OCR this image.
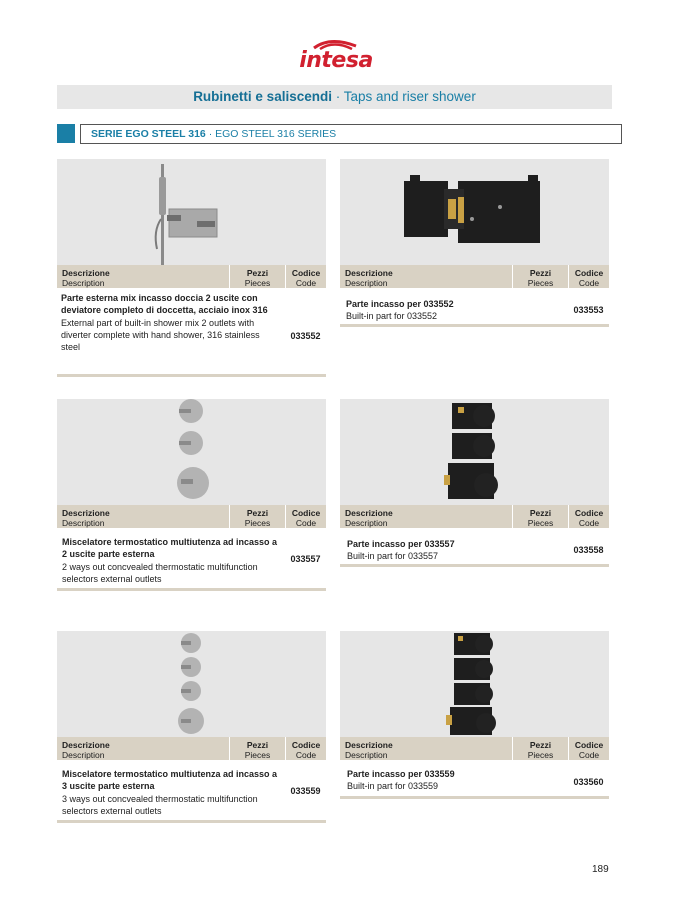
intesa
Rubinetti e saliscendi · Taps and riser shower
SERIE EGO STEEL 316 · EGO STEEL 316 SERIES
Descrizione
Description
Pezzi
Pieces
Codice
Code
Parte esterna mix incasso doccia 2 uscite con deviatore completo di doccetta, acciaio inox 316
External part of built-in shower mix 2 outlets with diverter complete with hand shower, 316 stainless steel
033552
Descrizione
Description
Pezzi
Pieces
Codice
Code
Parte incasso per 033552
Built-in part for 033552
033553
Descrizione
Description
Pezzi
Pieces
Codice
Code
Miscelatore termostatico multiutenza ad incasso a 2 uscite parte esterna
2 ways out concvealed thermostatic multifunction selectors external outlets
033557
Descrizione
Description
Pezzi
Pieces
Codice
Code
Parte incasso per 033557
Built-in part for 033557
033558
Descrizione
Description
Pezzi
Pieces
Codice
Code
Miscelatore termostatico multiutenza ad incasso a 3 uscite parte esterna
3 ways out concvealed thermostatic multifunction selectors external outlets
033559
Descrizione
Description
Pezzi
Pieces
Codice
Code
Parte incasso per 033559
Built-in part for 033559	033560
189
